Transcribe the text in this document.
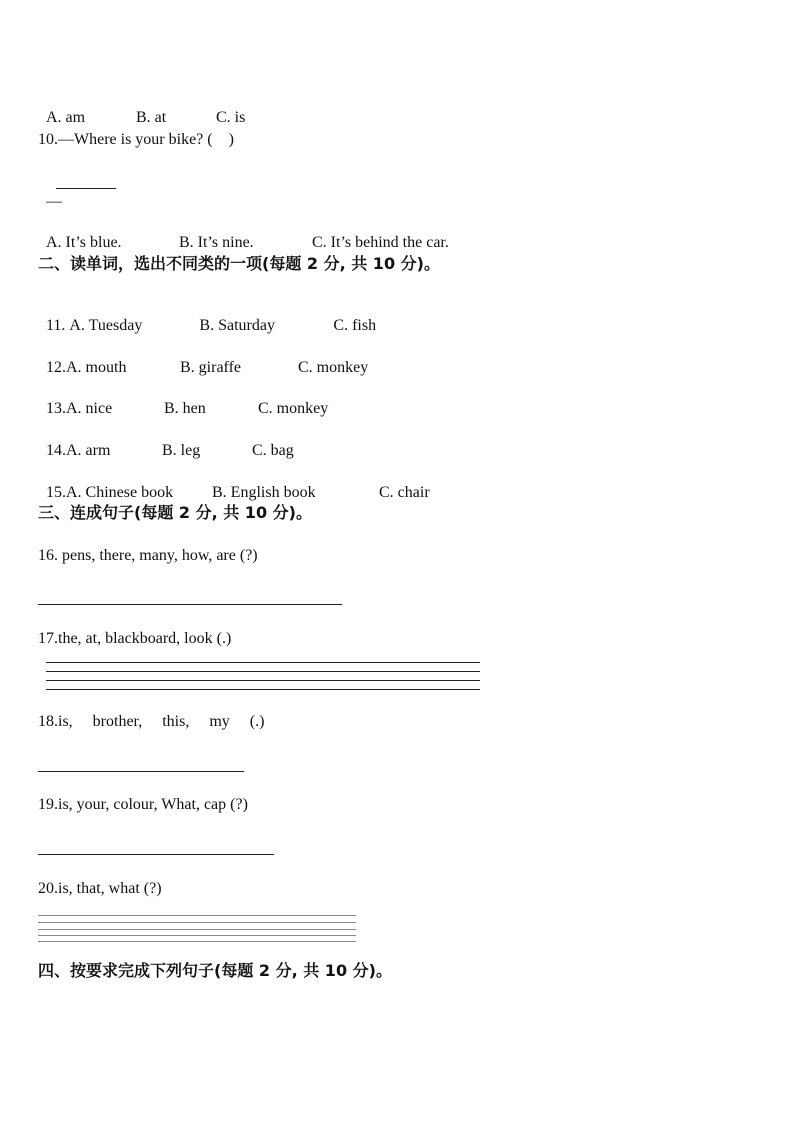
A. am	B. at	C. is

10.—Where is your bike? (    )

—

A. It’s blue.	B. It’s nine.	C. It’s behind the car.

二、读单词，选出不同类的一项(每题 2 分, 共 10 分)。

11. A. Tuesday	B. Saturday	C. fish

12.A. mouth	B. giraffe	C. monkey

13.A. nice	B. hen	C. monkey

14.A. arm	B. leg	C. bag

15.A. Chinese book B. English book	C. chair

三、连成句子(每题 2 分, 共 10 分)。
16. pens, there, many, how, are (?)
17.the, at, blackboard, look (.)
18.is,     brother,     this,     my     (.)
19.is, your, colour, What, cap (?)
20.is, that, what (?)
四、按要求完成下列句子(每题 2 分, 共 10 分)。
